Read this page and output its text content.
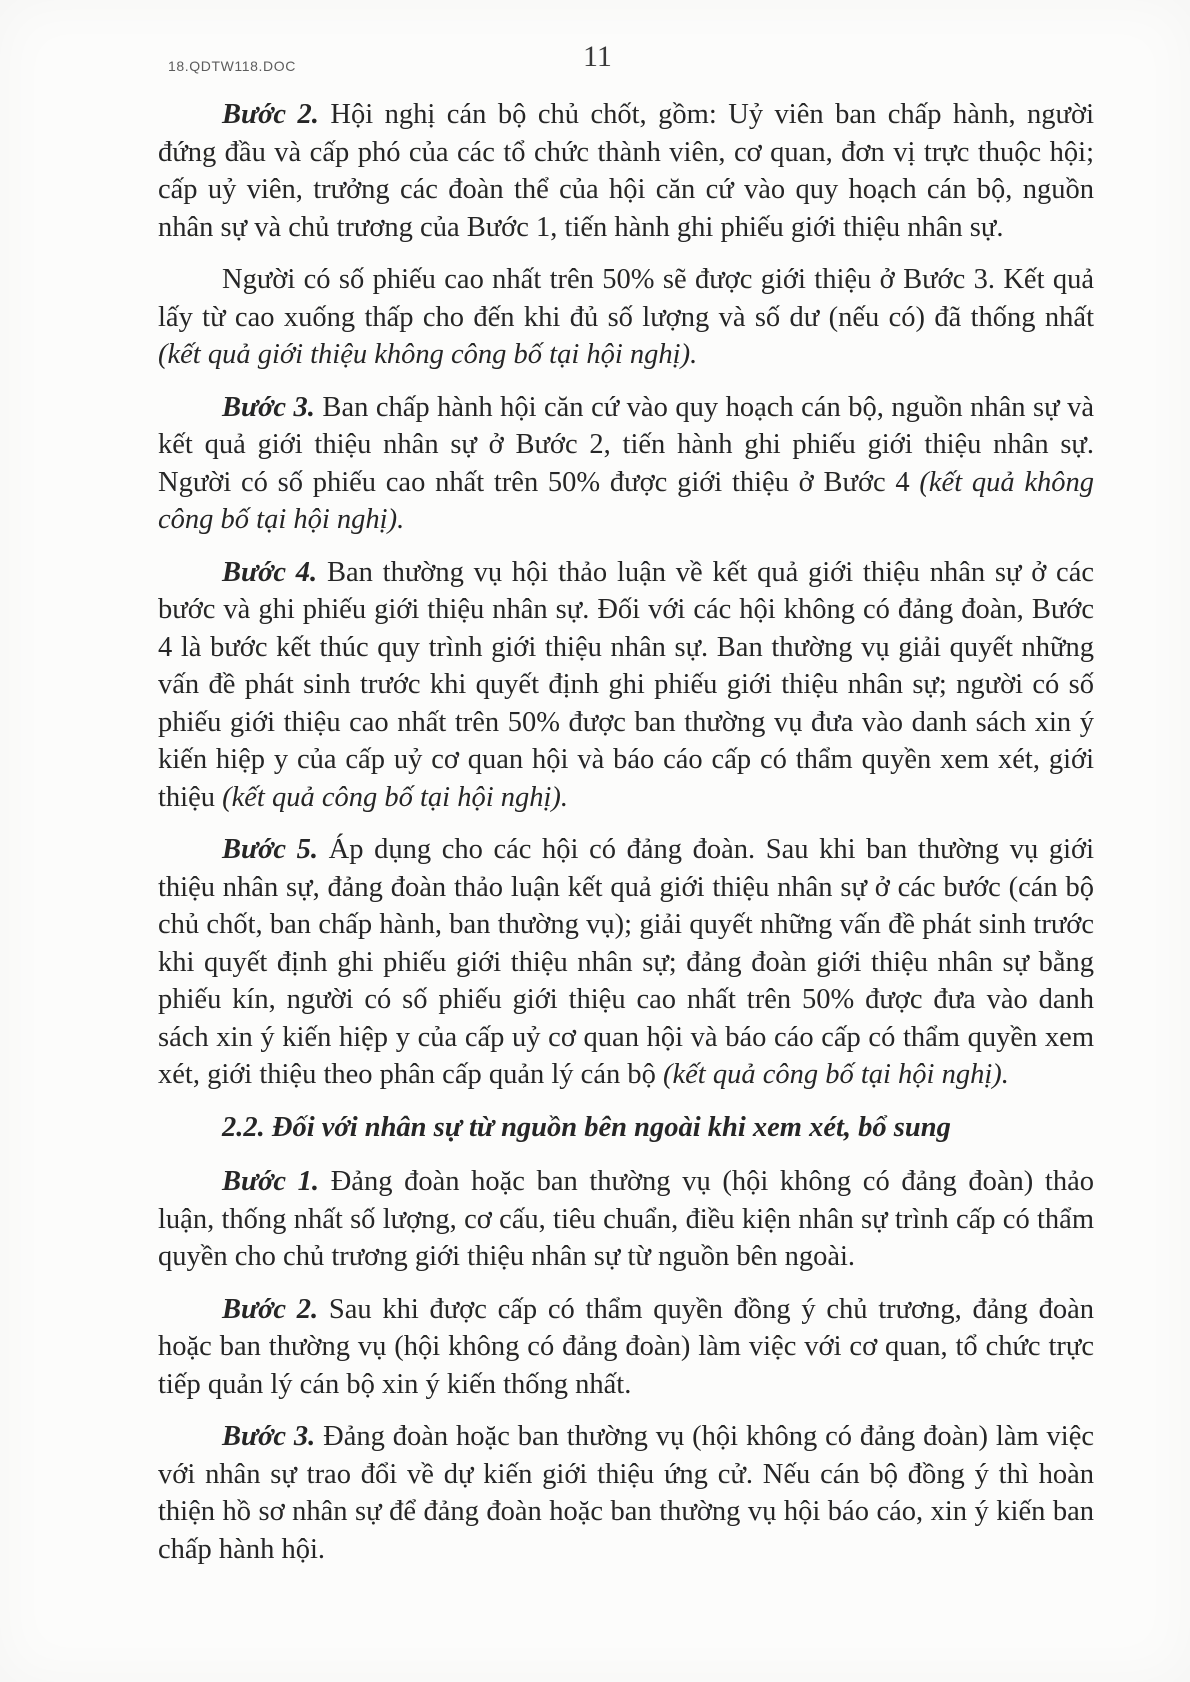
18.QDTW118.DOC	11

Bước 2. Hội nghị cán bộ chủ chốt, gồm: Uỷ viên ban chấp hành, người đứng đầu và cấp phó của các tổ chức thành viên, cơ quan, đơn vị trực thuộc hội; cấp uỷ viên, trưởng các đoàn thể của hội căn cứ vào quy hoạch cán bộ, nguồn nhân sự và chủ trương của Bước 1, tiến hành ghi phiếu giới thiệu nhân sự.

Người có số phiếu cao nhất trên 50% sẽ được giới thiệu ở Bước 3. Kết quả lấy từ cao xuống thấp cho đến khi đủ số lượng và số dư (nếu có) đã thống nhất (kết quả giới thiệu không công bố tại hội nghị).

Bước 3. Ban chấp hành hội căn cứ vào quy hoạch cán bộ, nguồn nhân sự và kết quả giới thiệu nhân sự ở Bước 2, tiến hành ghi phiếu giới thiệu nhân sự. Người có số phiếu cao nhất trên 50% được giới thiệu ở Bước 4 (kết quả không công bố tại hội nghị).

Bước 4. Ban thường vụ hội thảo luận về kết quả giới thiệu nhân sự ở các bước và ghi phiếu giới thiệu nhân sự. Đối với các hội không có đảng đoàn, Bước 4 là bước kết thúc quy trình giới thiệu nhân sự. Ban thường vụ giải quyết những vấn đề phát sinh trước khi quyết định ghi phiếu giới thiệu nhân sự; người có số phiếu giới thiệu cao nhất trên 50% được ban thường vụ đưa vào danh sách xin ý kiến hiệp y của cấp uỷ cơ quan hội và báo cáo cấp có thẩm quyền xem xét, giới thiệu (kết quả công bố tại hội nghị).

Bước 5. Áp dụng cho các hội có đảng đoàn. Sau khi ban thường vụ giới thiệu nhân sự, đảng đoàn thảo luận kết quả giới thiệu nhân sự ở các bước (cán bộ chủ chốt, ban chấp hành, ban thường vụ); giải quyết những vấn đề phát sinh trước khi quyết định ghi phiếu giới thiệu nhân sự; đảng đoàn giới thiệu nhân sự bằng phiếu kín, người có số phiếu giới thiệu cao nhất trên 50% được đưa vào danh sách xin ý kiến hiệp y của cấp uỷ cơ quan hội và báo cáo cấp có thẩm quyền xem xét, giới thiệu theo phân cấp quản lý cán bộ (kết quả công bố tại hội nghị).

2.2. Đối với nhân sự từ nguồn bên ngoài khi xem xét, bổ sung

Bước 1. Đảng đoàn hoặc ban thường vụ (hội không có đảng đoàn) thảo luận, thống nhất số lượng, cơ cấu, tiêu chuẩn, điều kiện nhân sự trình cấp có thẩm quyền cho chủ trương giới thiệu nhân sự từ nguồn bên ngoài.

Bước 2. Sau khi được cấp có thẩm quyền đồng ý chủ trương, đảng đoàn hoặc ban thường vụ (hội không có đảng đoàn) làm việc với cơ quan, tổ chức trực tiếp quản lý cán bộ xin ý kiến thống nhất.

Bước 3. Đảng đoàn hoặc ban thường vụ (hội không có đảng đoàn) làm việc với nhân sự trao đổi về dự kiến giới thiệu ứng cử. Nếu cán bộ đồng ý thì hoàn thiện hồ sơ nhân sự để đảng đoàn hoặc ban thường vụ hội báo cáo, xin ý kiến ban chấp hành hội.
